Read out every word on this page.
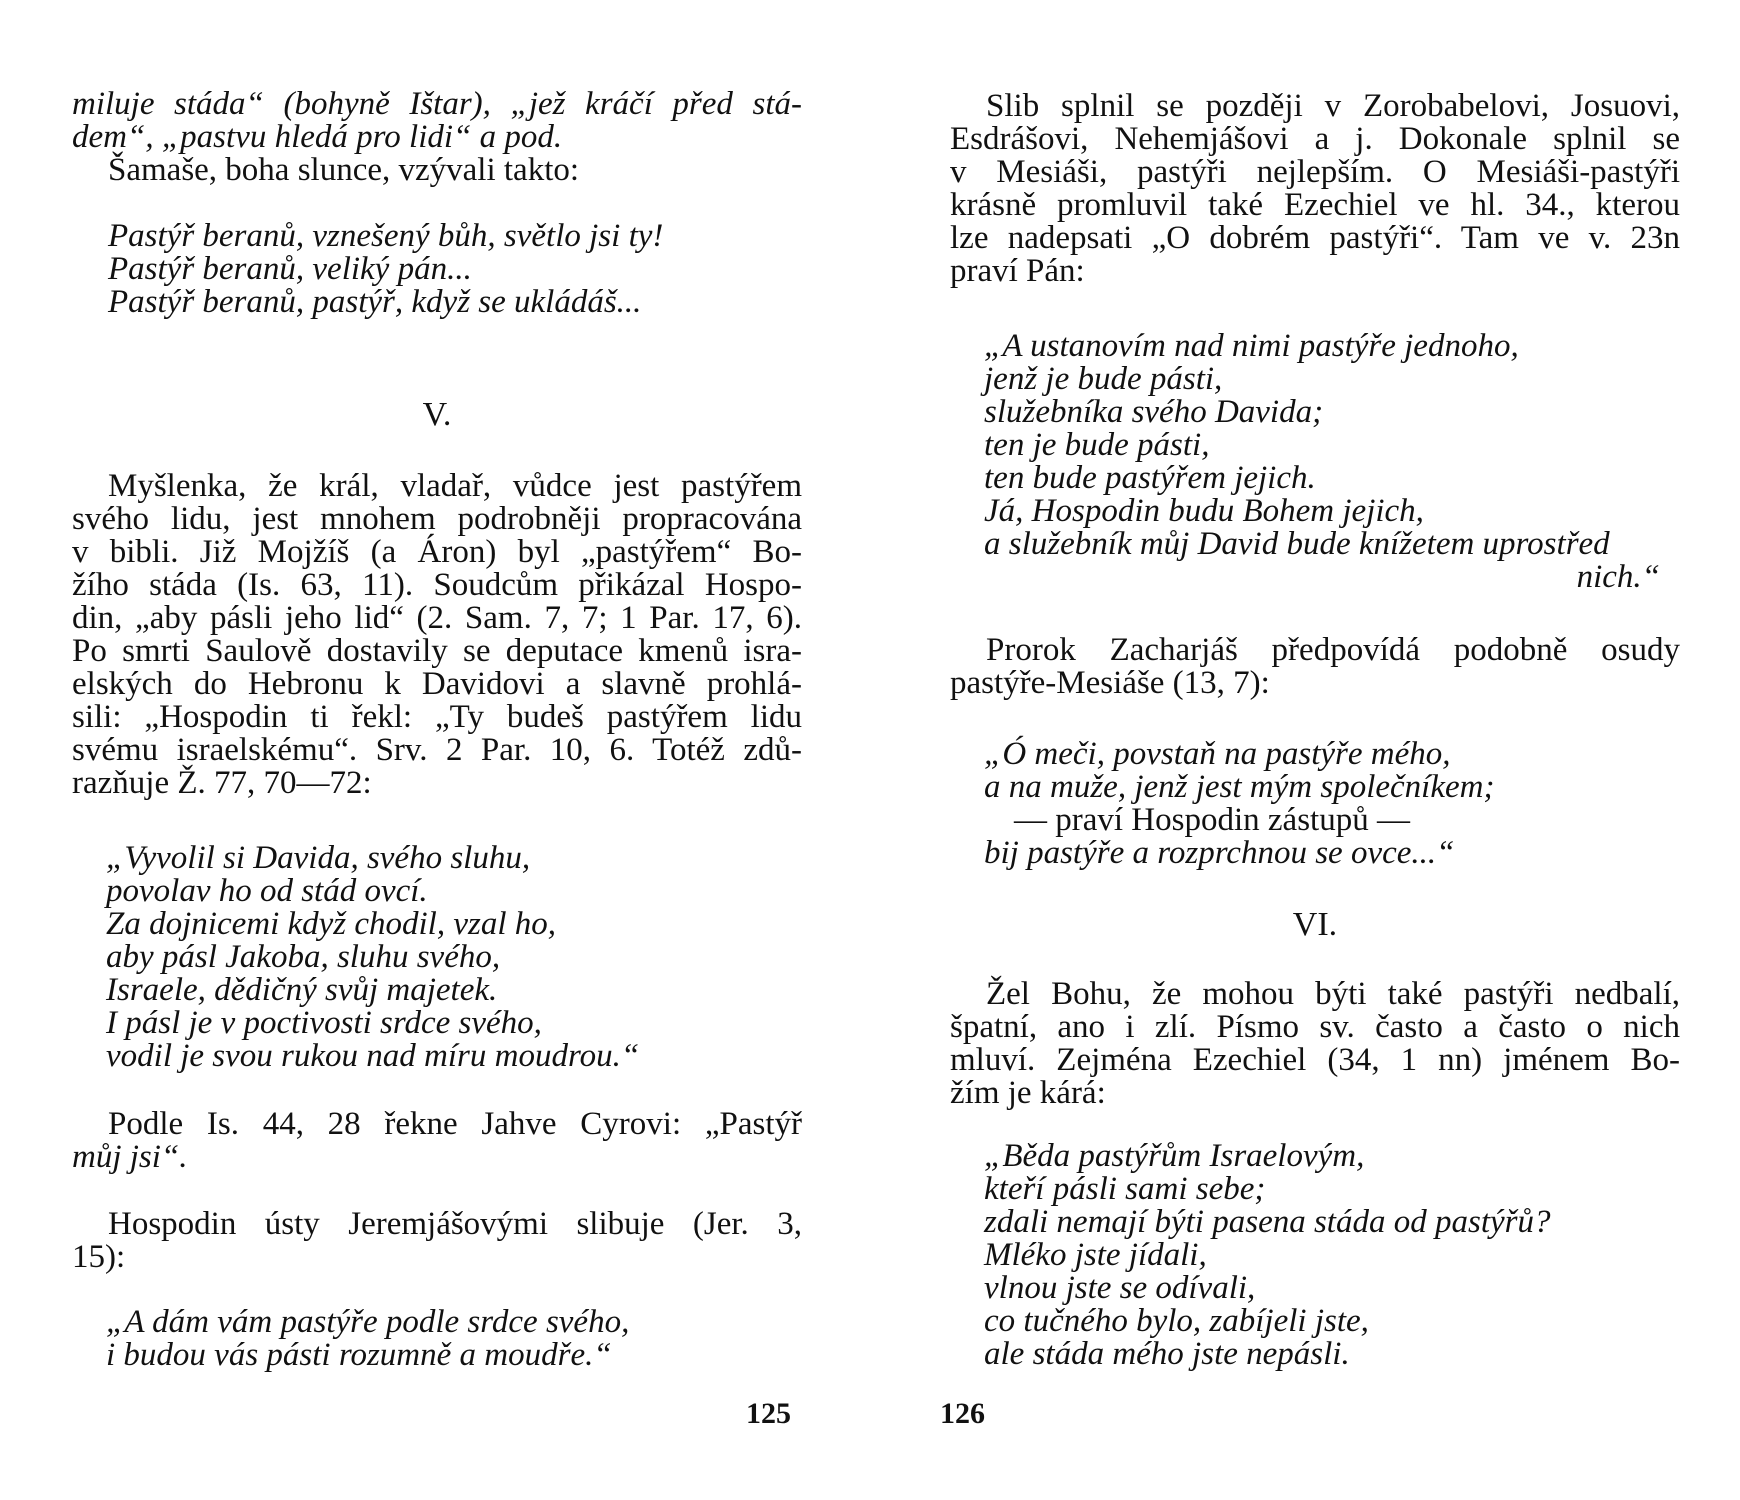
miluje stáda“ (bohyně Ištar), „jež kráčí před stá-
dem“, „pastvu hledá pro lidi“ a pod.
Šamaše, boha slunce, vzývali takto:
Pastýř beranů, vznešený bůh, světlo jsi ty!
Pastýř beranů, veliký pán...
Pastýř beranů, pastýř, když se ukládáš...
V.
Myšlenka, že král, vladař, vůdce jest pastýřem
svého lidu, jest mnohem podrobněji propracována
v bibli. Již Mojžíš (a Áron) byl „pastýřem“ Bo-
žího stáda (Is. 63, 11). Soudcům přikázal Hospo-
din, „aby pásli jeho lid“ (2. Sam. 7, 7; 1 Par. 17, 6).
Po smrti Saulově dostavily se deputace kmenů isra-
elských do Hebronu k Davidovi a slavně prohlá-
sili: „Hospodin ti řekl: „Ty budeš pastýřem lidu
svému israelskému“. Srv. 2 Par. 10, 6. Totéž zdů-
razňuje Ž. 77, 70—72:
„Vyvolil si Davida, svého sluhu,
povolav ho od stád ovcí.
Za dojnicemi když chodil, vzal ho,
aby pásl Jakoba, sluhu svého,
Israele, dědičný svůj majetek.
I pásl je v poctivosti srdce svého,
vodil je svou rukou nad míru moudrou.“
Podle Is. 44, 28 řekne Jahve Cyrovi: „Pastýř
můj jsi“.
Hospodin ústy Jeremjášovými slibuje (Jer. 3,
15):
„A dám vám pastýře podle srdce svého,
i budou vás pásti rozumně a moudře.“
125
Slib splnil se později v Zorobabelovi, Josuovi,
Esdrášovi, Nehemjášovi a j. Dokonale splnil se
v Mesiáši, pastýři nejlepším. O Mesiáši-pastýři
krásně promluvil také Ezechiel ve hl. 34., kterou
lze nadepsati „O dobrém pastýři“. Tam ve v. 23n
praví Pán:
„A ustanovím nad nimi pastýře jednoho,
jenž je bude pásti,
služebníka svého Davida;
ten je bude pásti,
ten bude pastýřem jejich.
Já, Hospodin budu Bohem jejich,
a služebník můj David bude knížetem uprostřed
nich.“
Prorok Zacharjáš předpovídá podobně osudy
pastýře-Mesiáše (13, 7):
„Ó meči, povstaň na pastýře mého,
a na muže, jenž jest mým společníkem;
— praví Hospodin zástupů —
bij pastýře a rozprchnou se ovce...“
VI.
Žel Bohu, že mohou býti také pastýři nedbalí,
špatní, ano i zlí. Písmo sv. často a často o nich
mluví. Zejména Ezechiel (34, 1 nn) jménem Bo-
žím je kárá:
„Běda pastýřům Israelovým,
kteří pásli sami sebe;
zdali nemají býti pasena stáda od pastýřů?
Mléko jste jídali,
vlnou jste se odívali,
co tučného bylo, zabíjeli jste,
ale stáda mého jste nepásli.
126
